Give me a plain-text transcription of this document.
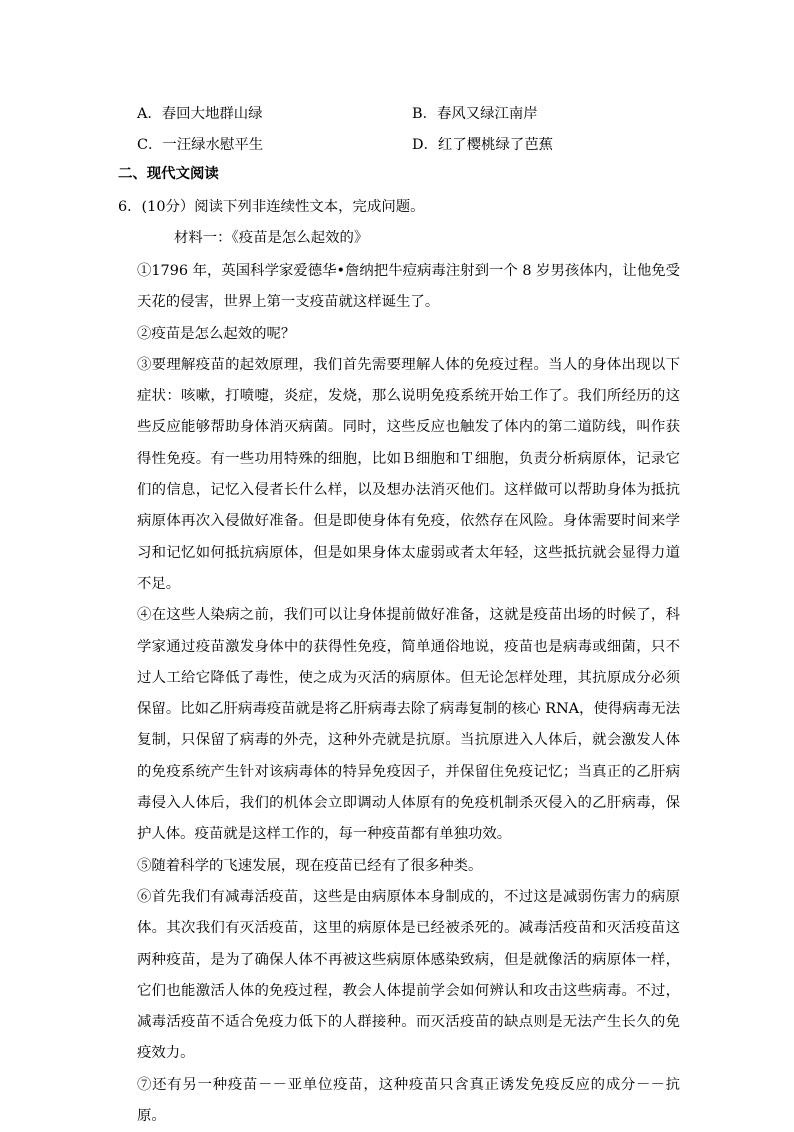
A．春回大地群山绿	B．春风又绿江南岸
C．一汪绿水慰平生	D．红了樱桃绿了芭蕉
二、现代文阅读
6．(10分）阅读下列非连续性文本，完成问题。
材料一：《疫苗是怎么起效的》

①1796 年，英国科学家爱德华•詹纳把牛痘病毒注射到一个 8 岁男孩体内，让他免受天花的侵害，世界上第一支疫苗就这样诞生了。

②疫苗是怎么起效的呢？

③要理解疫苗的起效原理，我们首先需要理解人体的免疫过程。当人的身体出现以下症状：咳嗽，打喷嚏，炎症，发烧，那么说明免疫系统开始工作了。我们所经历的这些反应能够帮助身体消灭病菌。同时，这些反应也触发了体内的第二道防线，叫作获得性免疫。有一些功用特殊的细胞，比如Ｂ细胞和Ｔ细胞，负责分析病原体，记录它们的信息，记忆入侵者长什么样，以及想办法消灭他们。这样做可以帮助身体为抵抗病原体再次入侵做好准备。但是即使身体有免疫，依然存在风险。身体需要时间来学习和记忆如何抵抗病原体，但是如果身体太虚弱或者太年轻，这些抵抗就会显得力道不足。

④在这些人染病之前，我们可以让身体提前做好准备，这就是疫苗出场的时候了，科学家通过疫苗激发身体中的获得性免疫，简单通俗地说，疫苗也是病毒或细菌，只不过人工给它降低了毒性，使之成为灭活的病原体。但无论怎样处理，其抗原成分必须保留。比如乙肝病毒疫苗就是将乙肝病毒去除了病毒复制的核心 RNA，使得病毒无法复制，只保留了病毒的外壳，这种外壳就是抗原。当抗原进入人体后，就会激发人体的免疫系统产生针对该病毒体的特异免疫因子，并保留住免疫记忆；当真正的乙肝病毒侵入人体后，我们的机体会立即调动人体原有的免疫机制杀灭侵入的乙肝病毒，保护人体。疫苗就是这样工作的，每一种疫苗都有单独功效。

⑤随着科学的飞速发展，现在疫苗已经有了很多种类。

⑥首先我们有减毒活疫苗，这些是由病原体本身制成的，不过这是减弱伤害力的病原体。其次我们有灭活疫苗，这里的病原体是已经被杀死的。减毒活疫苗和灭活疫苗这两种疫苗，是为了确保人体不再被这些病原体感染致病，但是就像活的病原体一样，它们也能激活人体的免疫过程，教会人体提前学会如何辨认和攻击这些病毒。不过，减毒活疫苗不适合免疫力低下的人群接种。而灭活疫苗的缺点则是无法产生长久的免疫效力。

⑦还有另一种疫苗－－亚单位疫苗，这种疫苗只含真正诱发免疫反应的成分－－抗原。
